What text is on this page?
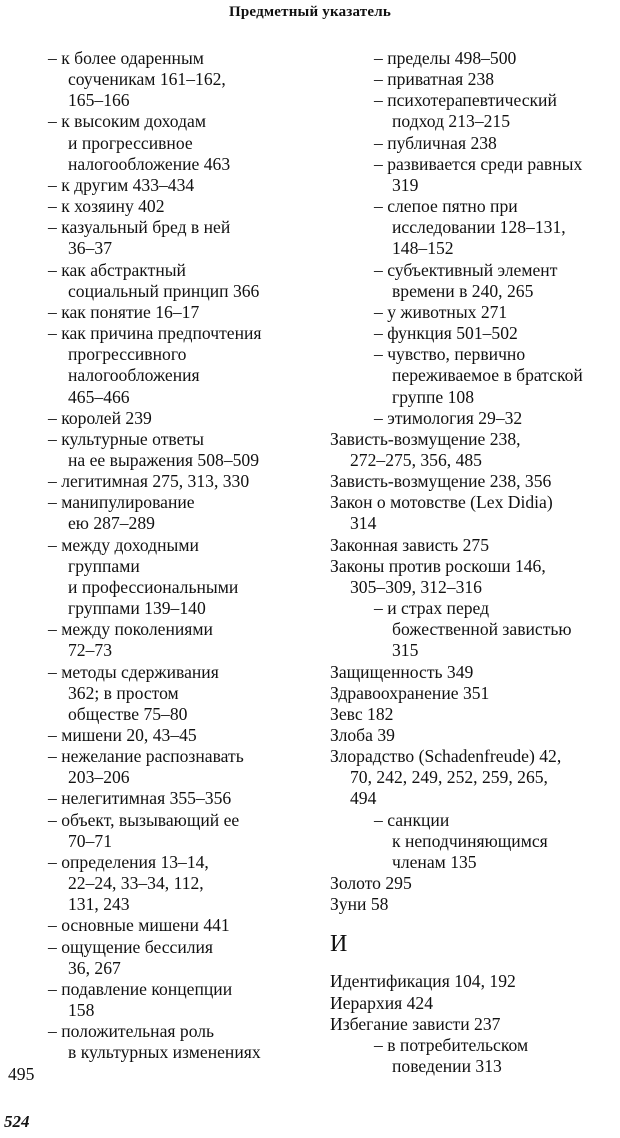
Предметный указатель
– к более одаренным
соученикам 161–162,
165–166
– к высоким доходам
и прогрессивное
налогообложение 463
– к другим 433–434
– к хозяину 402
– казуальный бред в ней
36–37
– как абстрактный
социальный принцип 366
– как понятие 16–17
– как причина предпочтения
прогрессивного
налогообложения
465–466
– королей 239
– культурные ответы
на ее выражения 508–509
– легитимная 275, 313, 330
– манипулирование
ею 287–289
– между доходными
группами
и профессиональными
группами 139–140
– между поколениями
72–73
– методы сдерживания
362; в простом
обществе 75–80
– мишени 20, 43–45
– нежелание распознавать
203–206
– нелегитимная 355–356
– объект, вызывающий ее
70–71
– определения 13–14,
22–24, 33–34, 112,
131, 243
– основные мишени 441
– ощущение бессилия
36, 267
– подавление концепции
158
– положительная роль
в культурных изменениях
495
– пределы 498–500
– приватная 238
– психотерапевтический
подход 213–215
– публичная 238
– развивается среди равных
319
– слепое пятно при
исследовании 128–131,
148–152
– субъективный элемент
времени в 240, 265
– у животных 271
– функция 501–502
– чувство, первично
переживаемое в братской
группе 108
– этимология 29–32
Зависть-возмущение 238,
272–275, 356, 485
Зависть-возмущение 238, 356
Закон о мотовстве (Lex Didia)
314
Законная зависть 275
Законы против роскоши 146,
305–309, 312–316
– и страх перед
божественной завистью
315
Защищенность 349
Здравоохранение 351
Зевс 182
Злоба 39
Злорадство (Schadenfreude) 42,
70, 242, 249, 252, 259, 265,
494
– санкции
к неподчиняющимся
членам 135
Золото 295
Зуни 58
И
Идентификация 104, 192
Иерархия 424
Избегание зависти 237
– в потребительском
поведении 313
524
